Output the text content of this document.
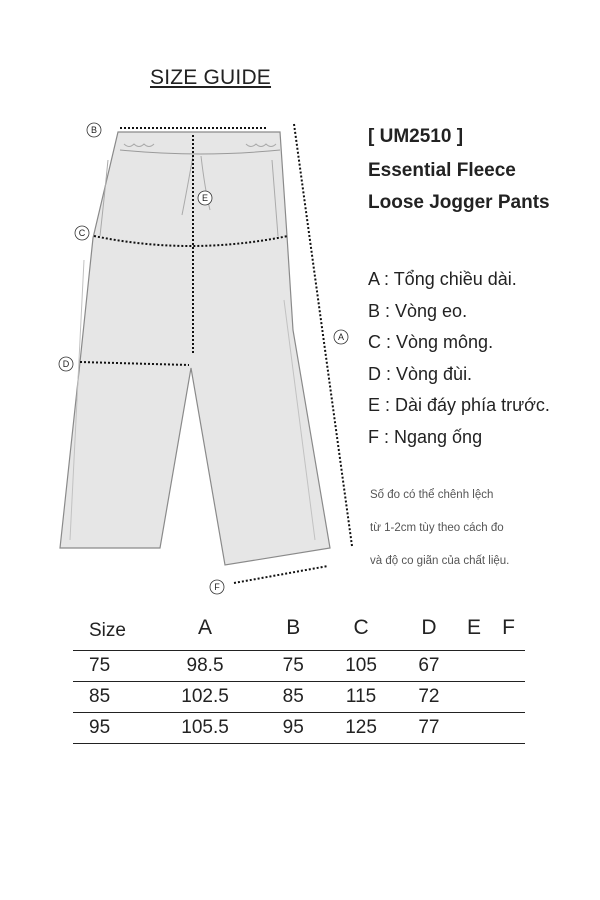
SIZE GUIDE
B
E
C
A
D
F
[ UM2510 ]
Essential Fleece
Loose Jogger Pants
A : Tổng chiều dài.
B : Vòng eo.
C : Vòng mông.
D : Vòng đùi.
E : Dài đáy phía trước.
F : Ngang ống
Số đo có thể chênh lệch
từ 1-2cm tùy theo cách đo
và độ co giãn của chất liệu.
Size	A	B	C	D	E	F
75	98.5	75	105	67		
85	102.5	85	115	72		
95	105.5	95	125	77		
